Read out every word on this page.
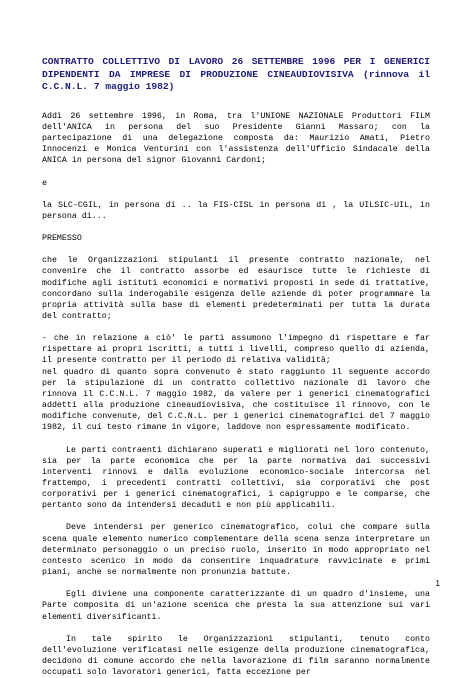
CONTRATTO COLLETTIVO DI LAVORO 26 SETTEMBRE 1996 PER I GENERICI DIPENDENTI DA IMPRESE DI PRODUZIONE CINEAUDIOVISIVA (rinnova il C.C.N.L. 7 maggio 1982)

Addì 26 settembre 1996, in Roma, tra l'UNIONE NAZIONALE Produttori FILM dell'ANICA in persona del suo Presidente Gianni Massaro; con la partecipazione di una delegazione composta da: Maurizio Amati, Pietro Innocenzi e Monica Venturini con l'assistenza dell'Ufficio Sindacale della ANICA in persona del signor Giovanni Cardoni;

e

la SLC-CGIL, in persona di .. la FIS-CISL in persona di , la UILSIC-UIL, in persona di...

PREMESSO

che le Organizzazioni stipulanti il presente contratto nazionale, nel convenire che il contratto assorbe ed esaurisce tutte le richieste di modifiche agli istituti economici e normativi proposti in sede di trattative, concordano sulla inderogabile esigenza delle aziende di poter programmare la propria attività sulla base di elementi predeterminati per tutta la durata del contratto;

- che in relazione a ciò' le parti assumono l'impegno di rispettare e far rispettare ai propri iscritti, a tutti i livelli, compreso quello di azienda, il presente contratto per il periodo di relativa validità;

nel quadro di quanto sopra convenuto è stato raggiunto il seguente accordo per la stipulazione di un contratto collettivo nazionale di lavoro che rinnova il C.C.N.L. 7 maggio 1982, da valere per i generici cinematografici addetti alla produzione cineaudiovisiva, che costituisce il rinnovo, con le modifiche convenute, del C.C.N.L. per i generici cinematografici del 7 maggio 1982, il cui testo rimane in vigore, laddove non espressamente modificato.

Le parti contraenti dichiarano superati e migliorati nel loro contenuto, sia per la parte economica che per la parte normativa dai successivi interventi rinnovi e dalla evoluzione economico-sociale intercorsa nel frattempo, i precedenti contratti collettivi, sia corporativi che post corporativi per i generici cinematografici, i capigruppo e le comparse, che pertanto sono da intendersi decaduti e non più applicabili.

Deve intendersi per generico cinematografico, colui che compare sulla scena quale elemento numerico complementare della scena senza interpretare un determinato personaggio o un preciso ruolo, inserito in modo appropriato nel contesto scenico in modo da consentire inquadrature ravvicinate e primi piani, anche se normalmente non pronunzia battute.

Egli diviene una componente caratterizzante di un quadro d'insieme, una Parte composita di un'azione scenica che presta la sua attenzione sui vari elementi diversificanti.

In tale spirito le Organizzazioni stipulanti, tenuto conto dell'evoluzione verificatasi nelle esigenze della produzione cinematografica, decidono di comune accordo che nella lavorazione di film saranno normalmente occupati solo lavoratori generici, fatta eccezione per

1
